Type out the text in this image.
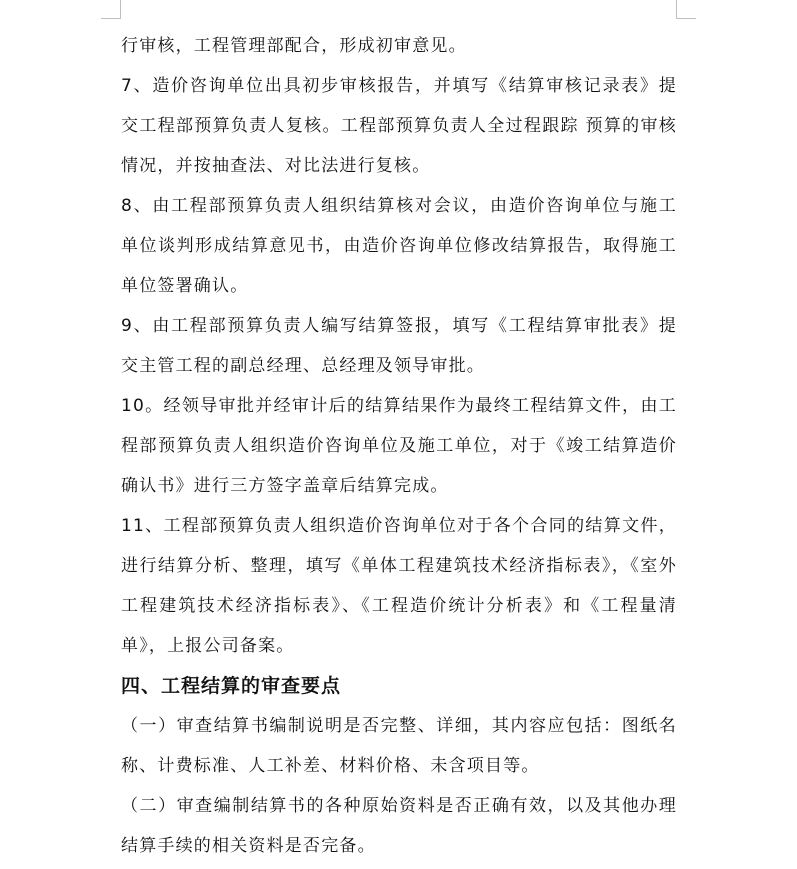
行审核，工程管理部配合，形成初审意见。

7、造价咨询单位出具初步审核报告，并填写《结算审核记录表》提交工程部预算负责人复核。工程部预算负责人全过程跟踪 预算的审核情况，并按抽查法、对比法进行复核。

8、由工程部预算负责人组织结算核对会议，由造价咨询单位与施工单位谈判形成结算意见书，由造价咨询单位修改结算报告，取得施工单位签署确认。

9、由工程部预算负责人编写结算签报，填写《工程结算审批表》提交主管工程的副总经理、总经理及领导审批。

10。经领导审批并经审计后的结算结果作为最终工程结算文件，由工程部预算负责人组织造价咨询单位及施工单位，对于《竣工结算造价确认书》进行三方签字盖章后结算完成。

11、工程部预算负责人组织造价咨询单位对于各个合同的结算文件，进行结算分析、整理，填写《单体工程建筑技术经济指标表》，《室外工程建筑技术经济指标表》、《工程造价统计分析表》和《工程量清单》，上报公司备案。

四、工程结算的审查要点

（一）审查结算书编制说明是否完整、详细，其内容应包括：图纸名称、计费标准、人工补差、材料价格、未含项目等。

（二）审查编制结算书的各种原始资料是否正确有效，以及其他办理结算手续的相关资料是否完备。
